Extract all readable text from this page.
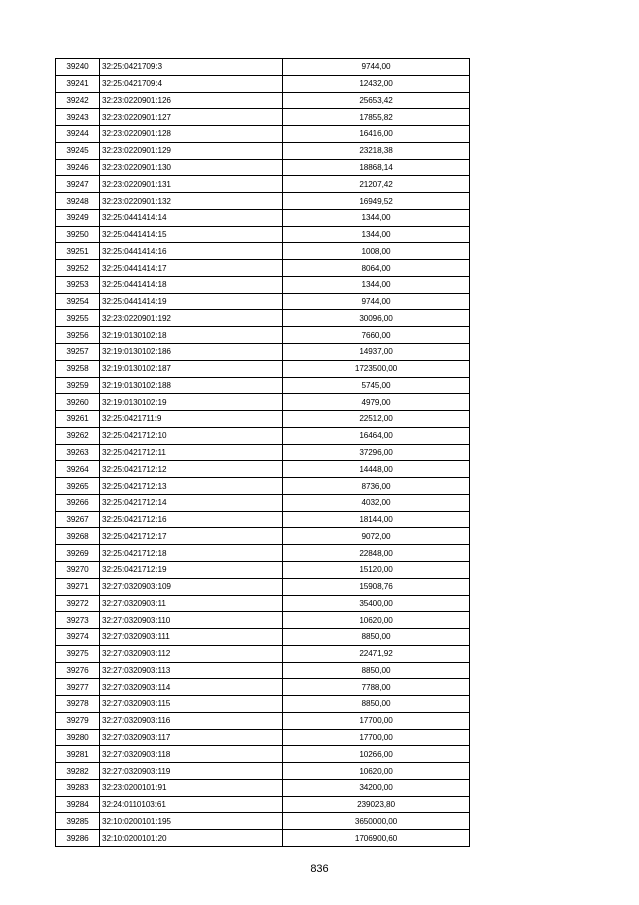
39240	32:25:0421709:3	9744,00
39241	32:25:0421709:4	12432,00
39242	32:23:0220901:126	25653,42
39243	32:23:0220901:127	17855,82
39244	32:23:0220901:128	16416,00
39245	32:23:0220901:129	23218,38
39246	32:23:0220901:130	18868,14
39247	32:23:0220901:131	21207,42
39248	32:23:0220901:132	16949,52
39249	32:25:0441414:14	1344,00
39250	32:25:0441414:15	1344,00
39251	32:25:0441414:16	1008,00
39252	32:25:0441414:17	8064,00
39253	32:25:0441414:18	1344,00
39254	32:25:0441414:19	9744,00
39255	32:23:0220901:192	30096,00
39256	32:19:0130102:18	7660,00
39257	32:19:0130102:186	14937,00
39258	32:19:0130102:187	1723500,00
39259	32:19:0130102:188	5745,00
39260	32:19:0130102:19	4979,00
39261	32:25:0421711:9	22512,00
39262	32:25:0421712:10	16464,00
39263	32:25:0421712:11	37296,00
39264	32:25:0421712:12	14448,00
39265	32:25:0421712:13	8736,00
39266	32:25:0421712:14	4032,00
39267	32:25:0421712:16	18144,00
39268	32:25:0421712:17	9072,00
39269	32:25:0421712:18	22848,00
39270	32:25:0421712:19	15120,00
39271	32:27:0320903:109	15908,76
39272	32:27:0320903:11	35400,00
39273	32:27:0320903:110	10620,00
39274	32:27:0320903:111	8850,00
39275	32:27:0320903:112	22471,92
39276	32:27:0320903:113	8850,00
39277	32:27:0320903:114	7788,00
39278	32:27:0320903:115	8850,00
39279	32:27:0320903:116	17700,00
39280	32:27:0320903:117	17700,00
39281	32:27:0320903:118	10266,00
39282	32:27:0320903:119	10620,00
39283	32:23:0200101:91	34200,00
39284	32:24:0110103:61	239023,80
39285	32:10:0200101:195	3650000,00
39286	32:10:0200101:20	1706900,60
836
